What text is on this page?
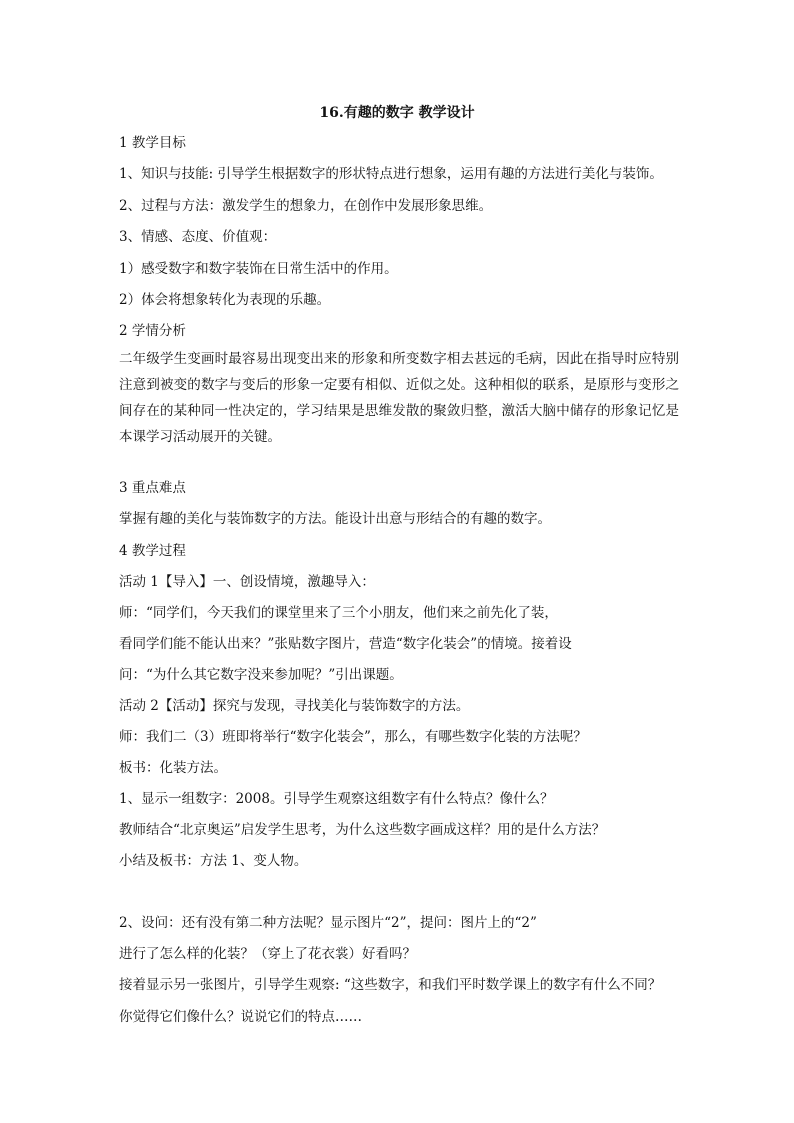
16.有趣的数字 教学设计
1 教学目标
1、知识与技能: 引导学生根据数字的形状特点进行想象，运用有趣的方法进行美化与装饰。
2、过程与方法：激发学生的想象力，在创作中发展形象思维。
3、情感、态度、价值观：
1）感受数字和数字装饰在日常生活中的作用。
2）体会将想象转化为表现的乐趣。
2 学情分析
二年级学生变画时最容易出现变出来的形象和所变数字相去甚远的毛病，因此在指导时应特别注意到被变的数字与变后的形象一定要有相似、近似之处。这种相似的联系，是原形与变形之间存在的某种同一性决定的，学习结果是思维发散的聚敛归整，激活大脑中储存的形象记忆是本课学习活动展开的关键。
3 重点难点
掌握有趣的美化与装饰数字的方法。能设计出意与形结合的有趣的数字。
4 教学过程
活动 1【导入】一、创设情境，激趣导入：
师：“同学们，今天我们的课堂里来了三个小朋友，他们来之前先化了装，
看同学们能不能认出来？”张贴数字图片，营造“数字化装会”的情境。接着设
问：“为什么其它数字没来参加呢？”引出课题。
活动 2【活动】探究与发现，寻找美化与装饰数字的方法。
师：我们二（3）班即将举行“数字化装会”，那么，有哪些数字化装的方法呢？
板书：化装方法。
1、显示一组数字：2008。引导学生观察这组数字有什么特点？像什么？
教师结合“北京奥运”启发学生思考，为什么这些数字画成这样？用的是什么方法？
小结及板书：方法 1、变人物。
2、设问：还有没有第二种方法呢？显示图片“2”，提问：图片上的“2”
进行了怎么样的化装？（穿上了花衣裳）好看吗？
接着显示另一张图片，引导学生观察: “这些数字，和我们平时数学课上的数字有什么不同？
你觉得它们像什么？说说它们的特点……
